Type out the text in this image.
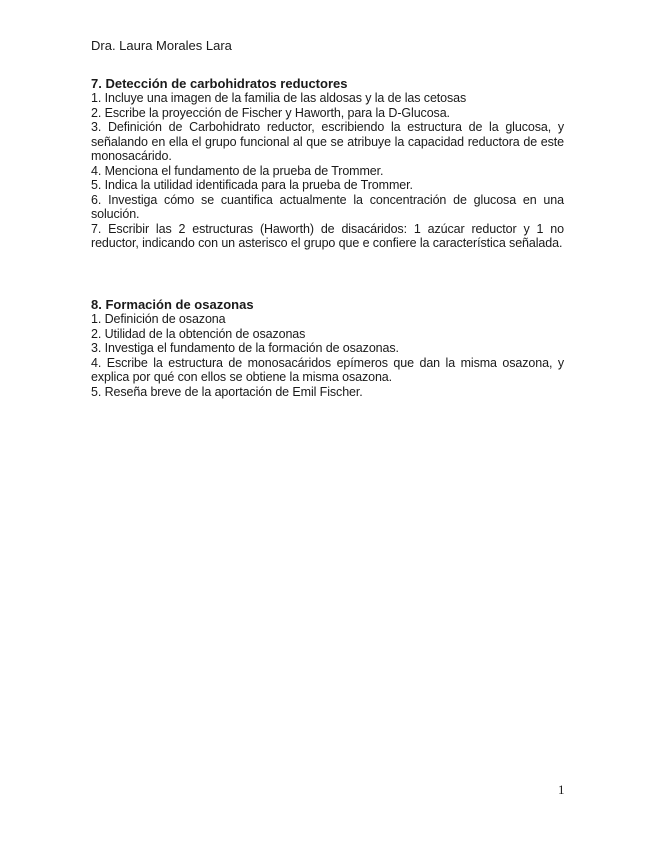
Dra. Laura Morales Lara

7. Detección de carbohidratos reductores

1. Incluye una imagen de la familia de las aldosas y la de las cetosas

2. Escribe la proyección de Fischer y Haworth, para la D-Glucosa.

3. Definición de Carbohidrato reductor, escribiendo la estructura de la glucosa, y señalando en ella el grupo funcional al que se atribuye la capacidad reductora de este monosacárido.

4. Menciona el fundamento de la prueba de Trommer.

5. Indica la utilidad identificada para la prueba de Trommer.

6. Investiga cómo se cuantifica actualmente la concentración de glucosa en una solución.

7. Escribir las 2 estructuras (Haworth) de disacáridos: 1 azúcar reductor y 1 no reductor, indicando con un asterisco el grupo que e confiere la característica señalada.

8. Formación de osazonas

1. Definición de osazona

2. Utilidad de la obtención de osazonas

3. Investiga el fundamento de la formación de osazonas.

4. Escribe la estructura de monosacáridos epímeros que dan la misma osazona, y explica por qué con ellos se obtiene la misma osazona.

5. Reseña breve de la aportación de Emil Fischer.

1
